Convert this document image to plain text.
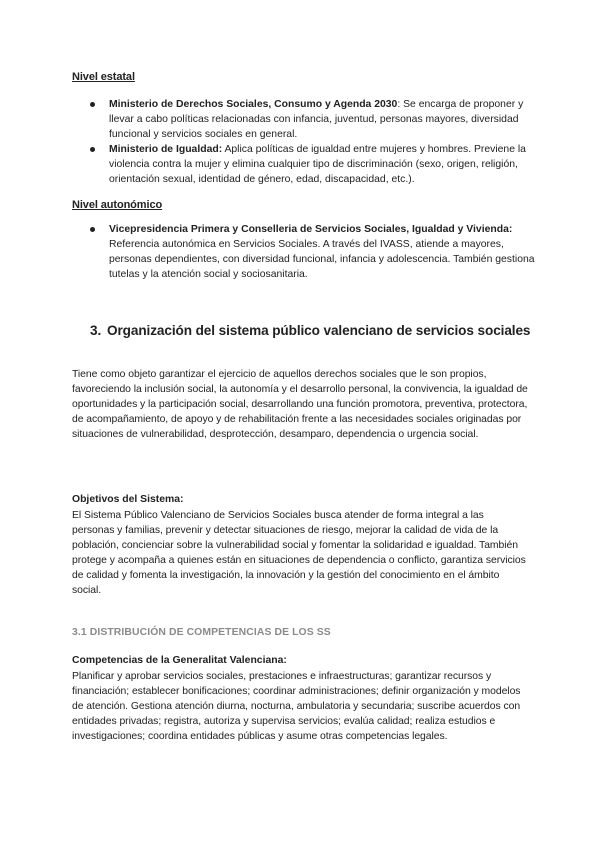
Nivel estatal
Ministerio de Derechos Sociales, Consumo y Agenda 2030: Se encarga de proponer y llevar a cabo políticas relacionadas con infancia, juventud, personas mayores, diversidad funcional y servicios sociales en general.
Ministerio de Igualdad: Aplica políticas de igualdad entre mujeres y hombres. Previene la violencia contra la mujer y elimina cualquier tipo de discriminación (sexo, origen, religión, orientación sexual, identidad de género, edad, discapacidad, etc.).
Nivel autonómico
Vicepresidencia Primera y Conselleria de Servicios Sociales, Igualdad y Vivienda: Referencia autonómica en Servicios Sociales. A través del IVASS, atiende a mayores, personas dependientes, con diversidad funcional, infancia y adolescencia. También gestiona tutelas y la atención social y sociosanitaria.
3. Organización del sistema público valenciano de servicios sociales
Tiene como objeto garantizar el ejercicio de aquellos derechos sociales que le son propios, favoreciendo la inclusión social, la autonomía y el desarrollo personal, la convivencia, la igualdad de oportunidades y la participación social, desarrollando una función promotora, preventiva, protectora, de acompañamiento, de apoyo y de rehabilitación frente a las necesidades sociales originadas por situaciones de vulnerabilidad, desprotección, desamparo, dependencia o urgencia social.
Objetivos del Sistema:
El Sistema Público Valenciano de Servicios Sociales busca atender de forma integral a las personas y familias, prevenir y detectar situaciones de riesgo, mejorar la calidad de vida de la población, concienciar sobre la vulnerabilidad social y fomentar la solidaridad e igualdad. También protege y acompaña a quienes están en situaciones de dependencia o conflicto, garantiza servicios de calidad y fomenta la investigación, la innovación y la gestión del conocimiento en el ámbito social.
3.1 DISTRIBUCIÓN DE COMPETENCIAS DE LOS SS
Competencias de la Generalitat Valenciana:
Planificar y aprobar servicios sociales, prestaciones e infraestructuras; garantizar recursos y financiación; establecer bonificaciones; coordinar administraciones; definir organización y modelos de atención. Gestiona atención diurna, nocturna, ambulatoria y secundaria; suscribe acuerdos con entidades privadas; registra, autoriza y supervisa servicios; evalúa calidad; realiza estudios e investigaciones; coordina entidades públicas y asume otras competencias legales.
